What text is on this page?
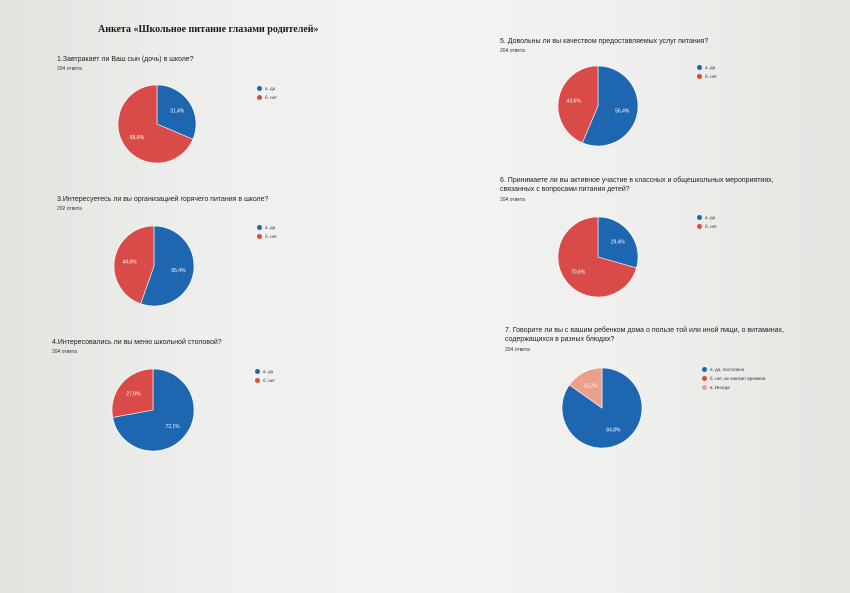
Анкета «Школьное питание глазами родителей»
1.Завтракает ли Ваш сын (дочь) в школе?
204 ответа
31,4%
68,6%
а. да
б. нет
3.Интересуетесь ли вы организацией горячего питания в школе?
202 ответа
55,4%
44,6%
а. да
б. нет
4.Интересовались ли вы меню школьной столовой?
204 ответа
72,1%
27,9%
а. да
б. нет
5. Довольны ли вы качеством предоставляемых услуг питания?
204 ответа
56,4%
43,6%
а. да
б. нет
6. Принимаете ли вы активное участие в классных и общешкольных мероприятиях, связанных с вопросами питания детей?
204 ответа
29,4%
70,6%
а. да
б. нет
7. Говорите ли вы с вашим ребенком дома о пользе той или иной пищи, о витаминах, содержащихся в разных блюдах?
204 ответа
84,8%
15,2%
а. да, постоянно
б. нет, не хватает времени
в. Иногда
